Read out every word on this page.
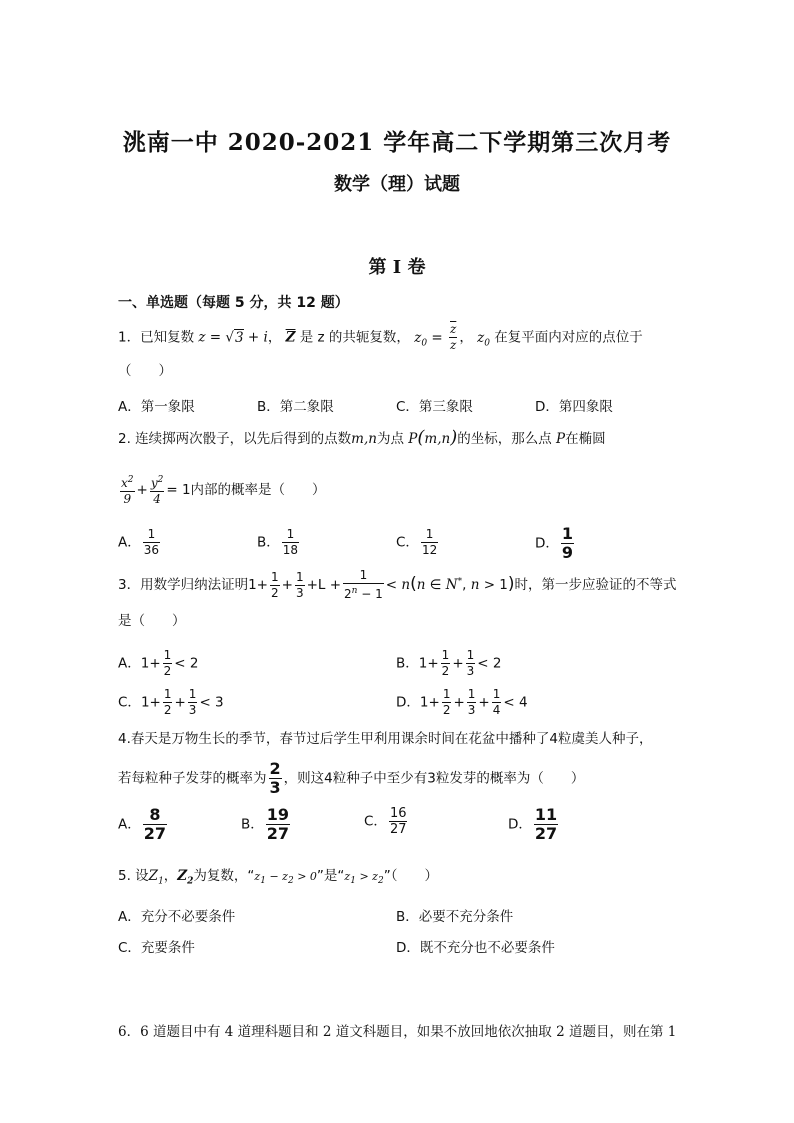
洮南一中 2020-2021 学年高二下学期第三次月考
数学（理）试题
第 I 卷
一、单选题（每题 5 分，共 12 题）
1．已知复数 z = √3 + i， $\overline{Z}$ 是 z 的共轭复数， $z_0 = \frac{\overline{z}}{z}$ ， $z_0$ 在复平面内对应的点位于
（　　）
A．第一象限	B．第二象限	C．第三象限	D．第四象限
2. 连续掷两次骰子，以先后得到的点数m,n为点 P(m,n)的坐标，那么点 P在椭圆
$\frac{x^2}{9} + \frac{y^2}{4} = 1$内部的概率是（　　）
A． $\frac{1}{36}$	B． $\frac{1}{18}$	C． $\frac{1}{12}$	D． $\frac{1}{9}$
3．用数学归纳法证明$1+ \frac{1}{2} + \frac{1}{3} +L + \frac{1}{2^n - 1} < n(n$ ∈ N*, n > 1)时，第一步应验证的不等式
是（　　）
A．$1+ \frac{1}{2} < 2$	B．$1+ \frac{1}{2} + \frac{1}{3} < 2$
C．$1+ \frac{1}{2} + \frac{1}{3} < 3$	D．$1+ \frac{1}{2} + \frac{1}{3} + \frac{1}{4} < 4$
4.春天是万物生长的季节，春节过后学生甲利用课余时间在花盆中播种了4粒虞美人种子，
若每粒种子发芽的概率为 $\frac{2}{3}$ ，则这4粒种子中至少有3粒发芽的概率为（　　）
A． $\frac{8}{27}$	B． $\frac{19}{27}$	C． $\frac{16}{27}$	D． $\frac{11}{27}$
5. 设$Z_1$，$Z_2$为复数，“$z_1 - z_2 > 0$”是“$z_1$ > $z_2$”（　　）
A．充分不必要条件	B．必要不充分条件
C．充要条件	D．既不充分也不必要条件
6．6 道题目中有 4 道理科题目和 2 道文科题目，如果不放回地依次抽取 2 道题目，则在第 1
